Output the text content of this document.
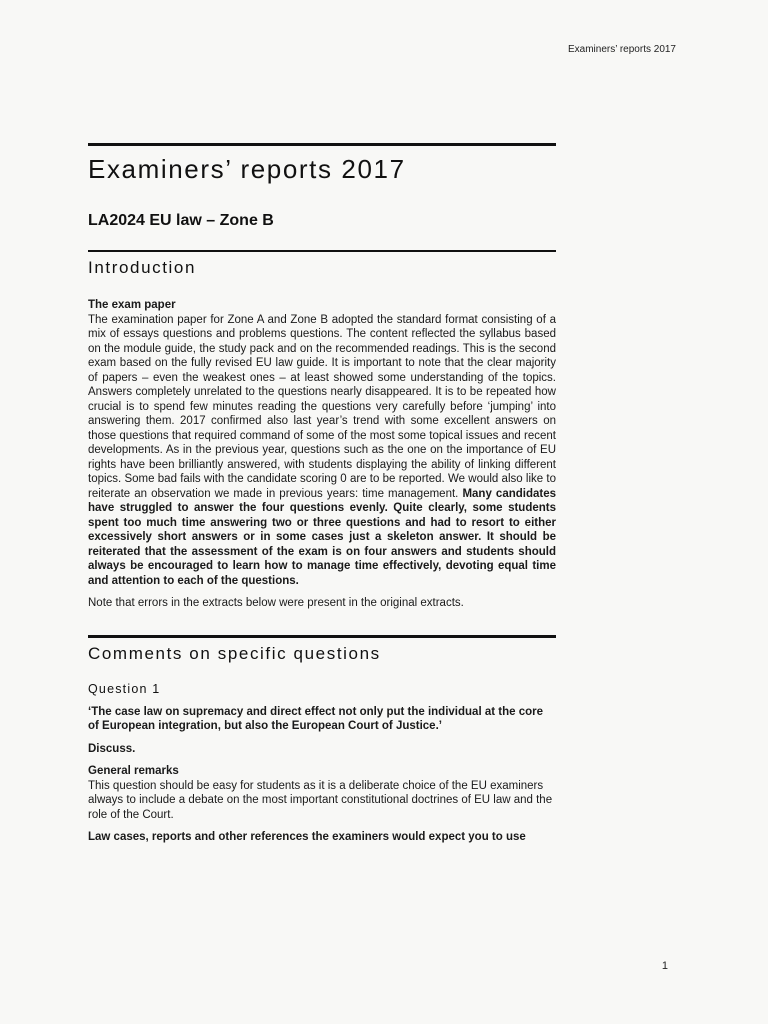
Examiners’ reports 2017
Examiners’ reports 2017
LA2024 EU law – Zone B
Introduction

The exam paper

The examination paper for Zone A and Zone B adopted the standard format consisting of a mix of essays questions and problems questions. The content reflected the syllabus based on the module guide, the study pack and on the recommended readings. This is the second exam based on the fully revised EU law guide. It is important to note that the clear majority of papers – even the weakest ones – at least showed some understanding of the topics. Answers completely unrelated to the questions nearly disappeared. It is to be repeated how crucial is to spend few minutes reading the questions very carefully before ‘jumping’ into answering them. 2017 confirmed also last year’s trend with some excellent answers on those questions that required command of some of the most some topical issues and recent developments. As in the previous year, questions such as the one on the importance of EU rights have been brilliantly answered, with students displaying the ability of linking different topics. Some bad fails with the candidate scoring 0 are to be reported. We would also like to reiterate an observation we made in previous years: time management. Many candidates have struggled to answer the four questions evenly. Quite clearly, some students spent too much time answering two or three questions and had to resort to either excessively short answers or in some cases just a skeleton answer. It should be reiterated that the assessment of the exam is on four answers and students should always be encouraged to learn how to manage time effectively, devoting equal time and attention to each of the questions.

Note that errors in the extracts below were present in the original extracts.

Comments on specific questions

Question 1

‘The case law on supremacy and direct effect not only put the individual at the core of European integration, but also the European Court of Justice.’

Discuss.

General remarks

This question should be easy for students as it is a deliberate choice of the EU examiners always to include a debate on the most important constitutional doctrines of EU law and the role of the Court.

Law cases, reports and other references the examiners would expect you to use

1
